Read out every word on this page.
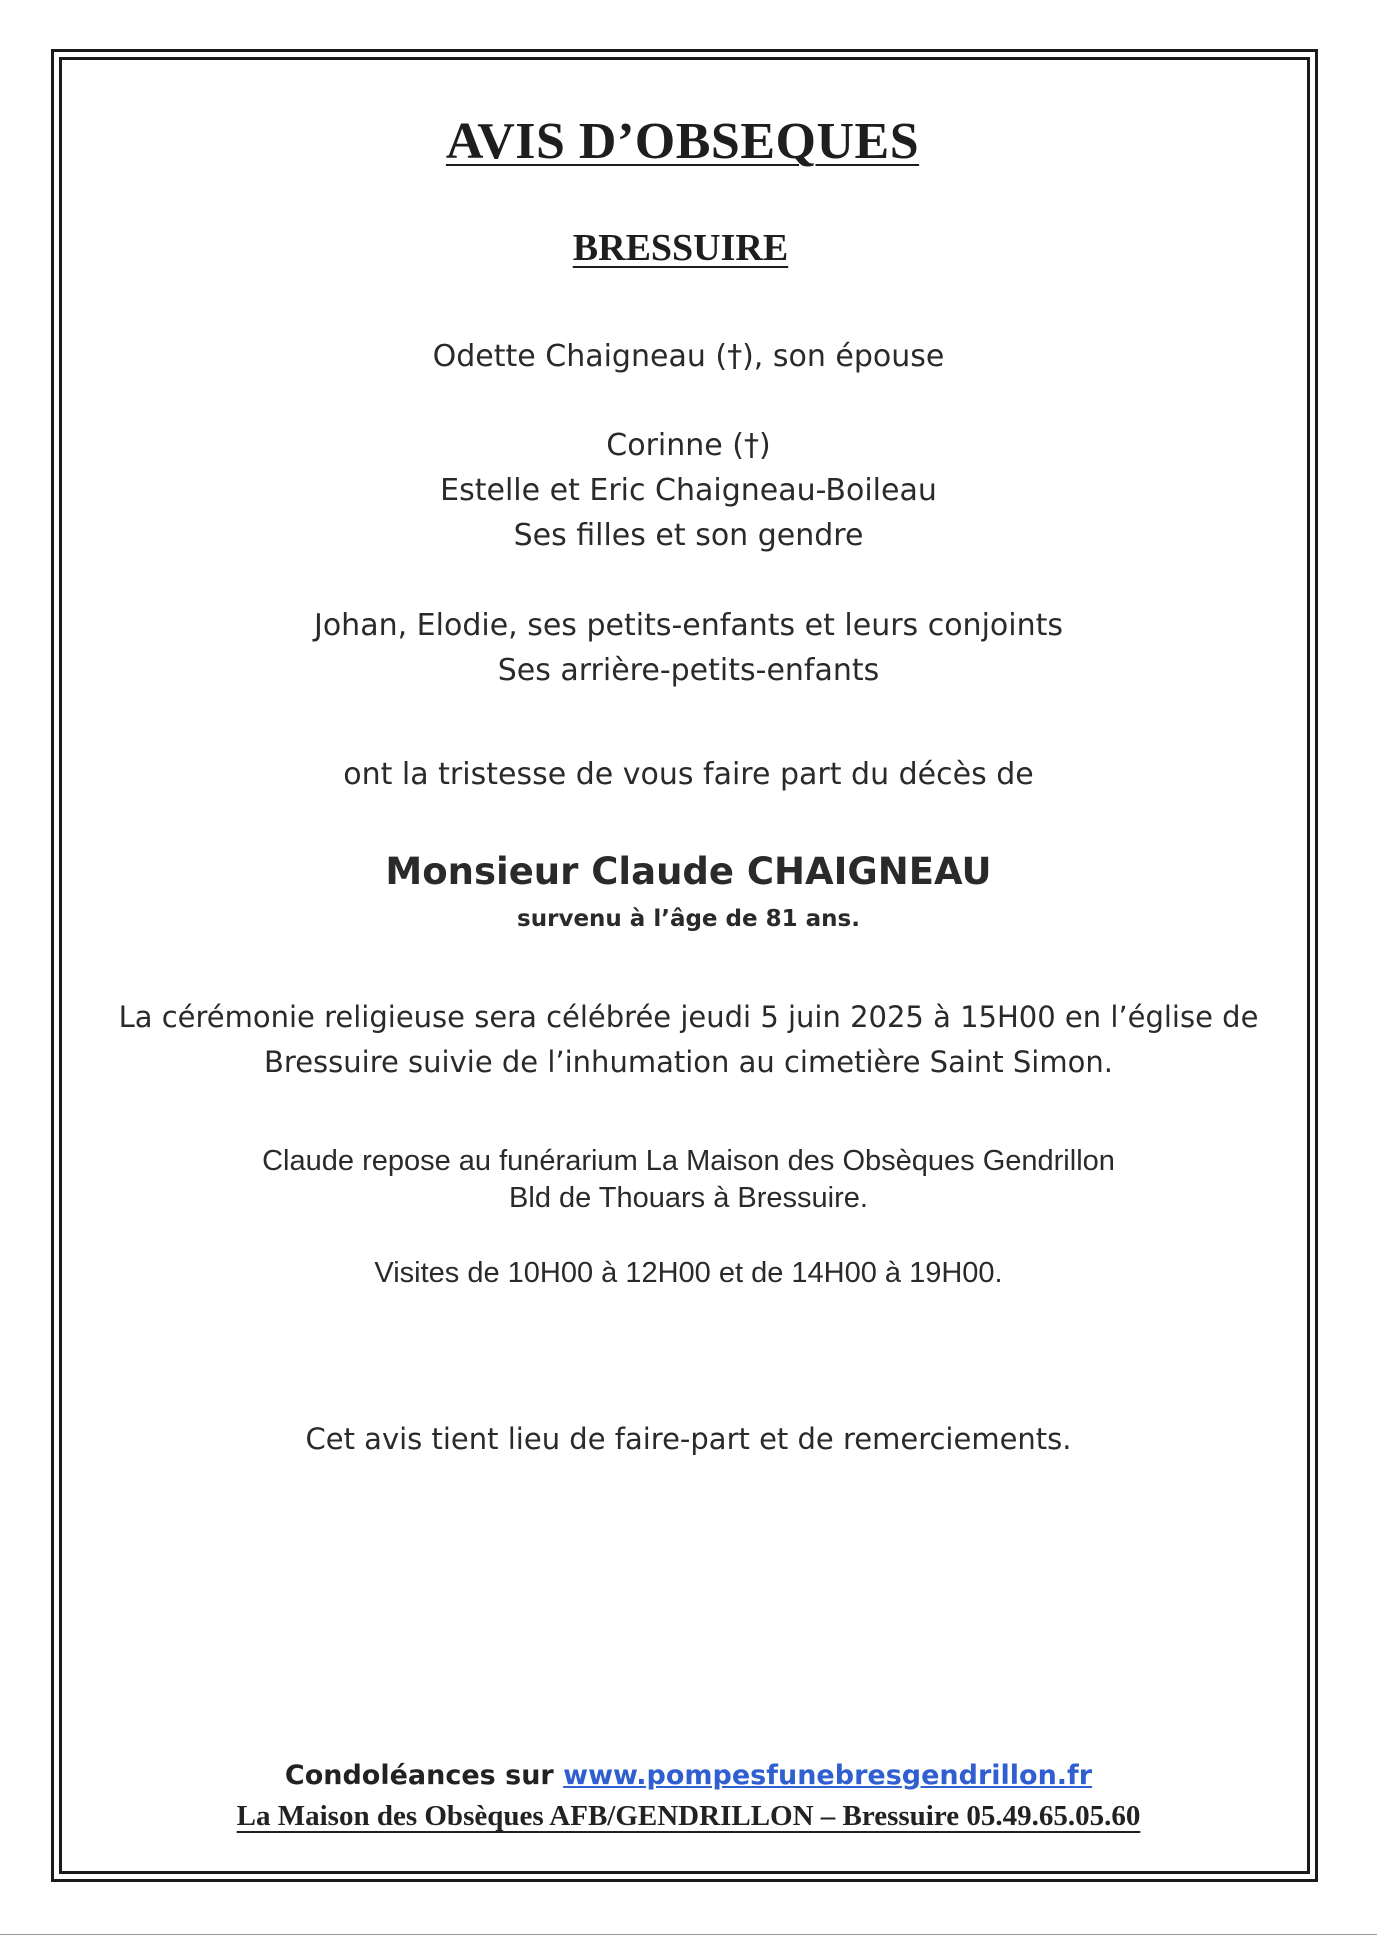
AVIS D’OBSEQUES

BRESSUIRE

Odette Chaigneau (†), son épouse

Corinne (†)

Estelle et Eric Chaigneau-Boileau

Ses filles et son gendre

Johan, Elodie, ses petits-enfants et leurs conjoints

Ses arrière-petits-enfants

ont la tristesse de vous faire part du décès de

Monsieur Claude CHAIGNEAU

survenu à l’âge de 81 ans.

La cérémonie religieuse sera célébrée jeudi 5 juin 2025 à 15H00 en l’église de

Bressuire suivie de l’inhumation au cimetière Saint Simon.

Claude repose au funérarium La Maison des Obsèques Gendrillon

Bld de Thouars à Bressuire.

Visites de 10H00 à 12H00 et de 14H00 à 19H00.

Cet avis tient lieu de faire-part et de remerciements.

Condoléances sur www.pompesfunebresgendrillon.fr

La Maison des Obsèques AFB/GENDRILLON – Bressuire 05.49.65.05.60
